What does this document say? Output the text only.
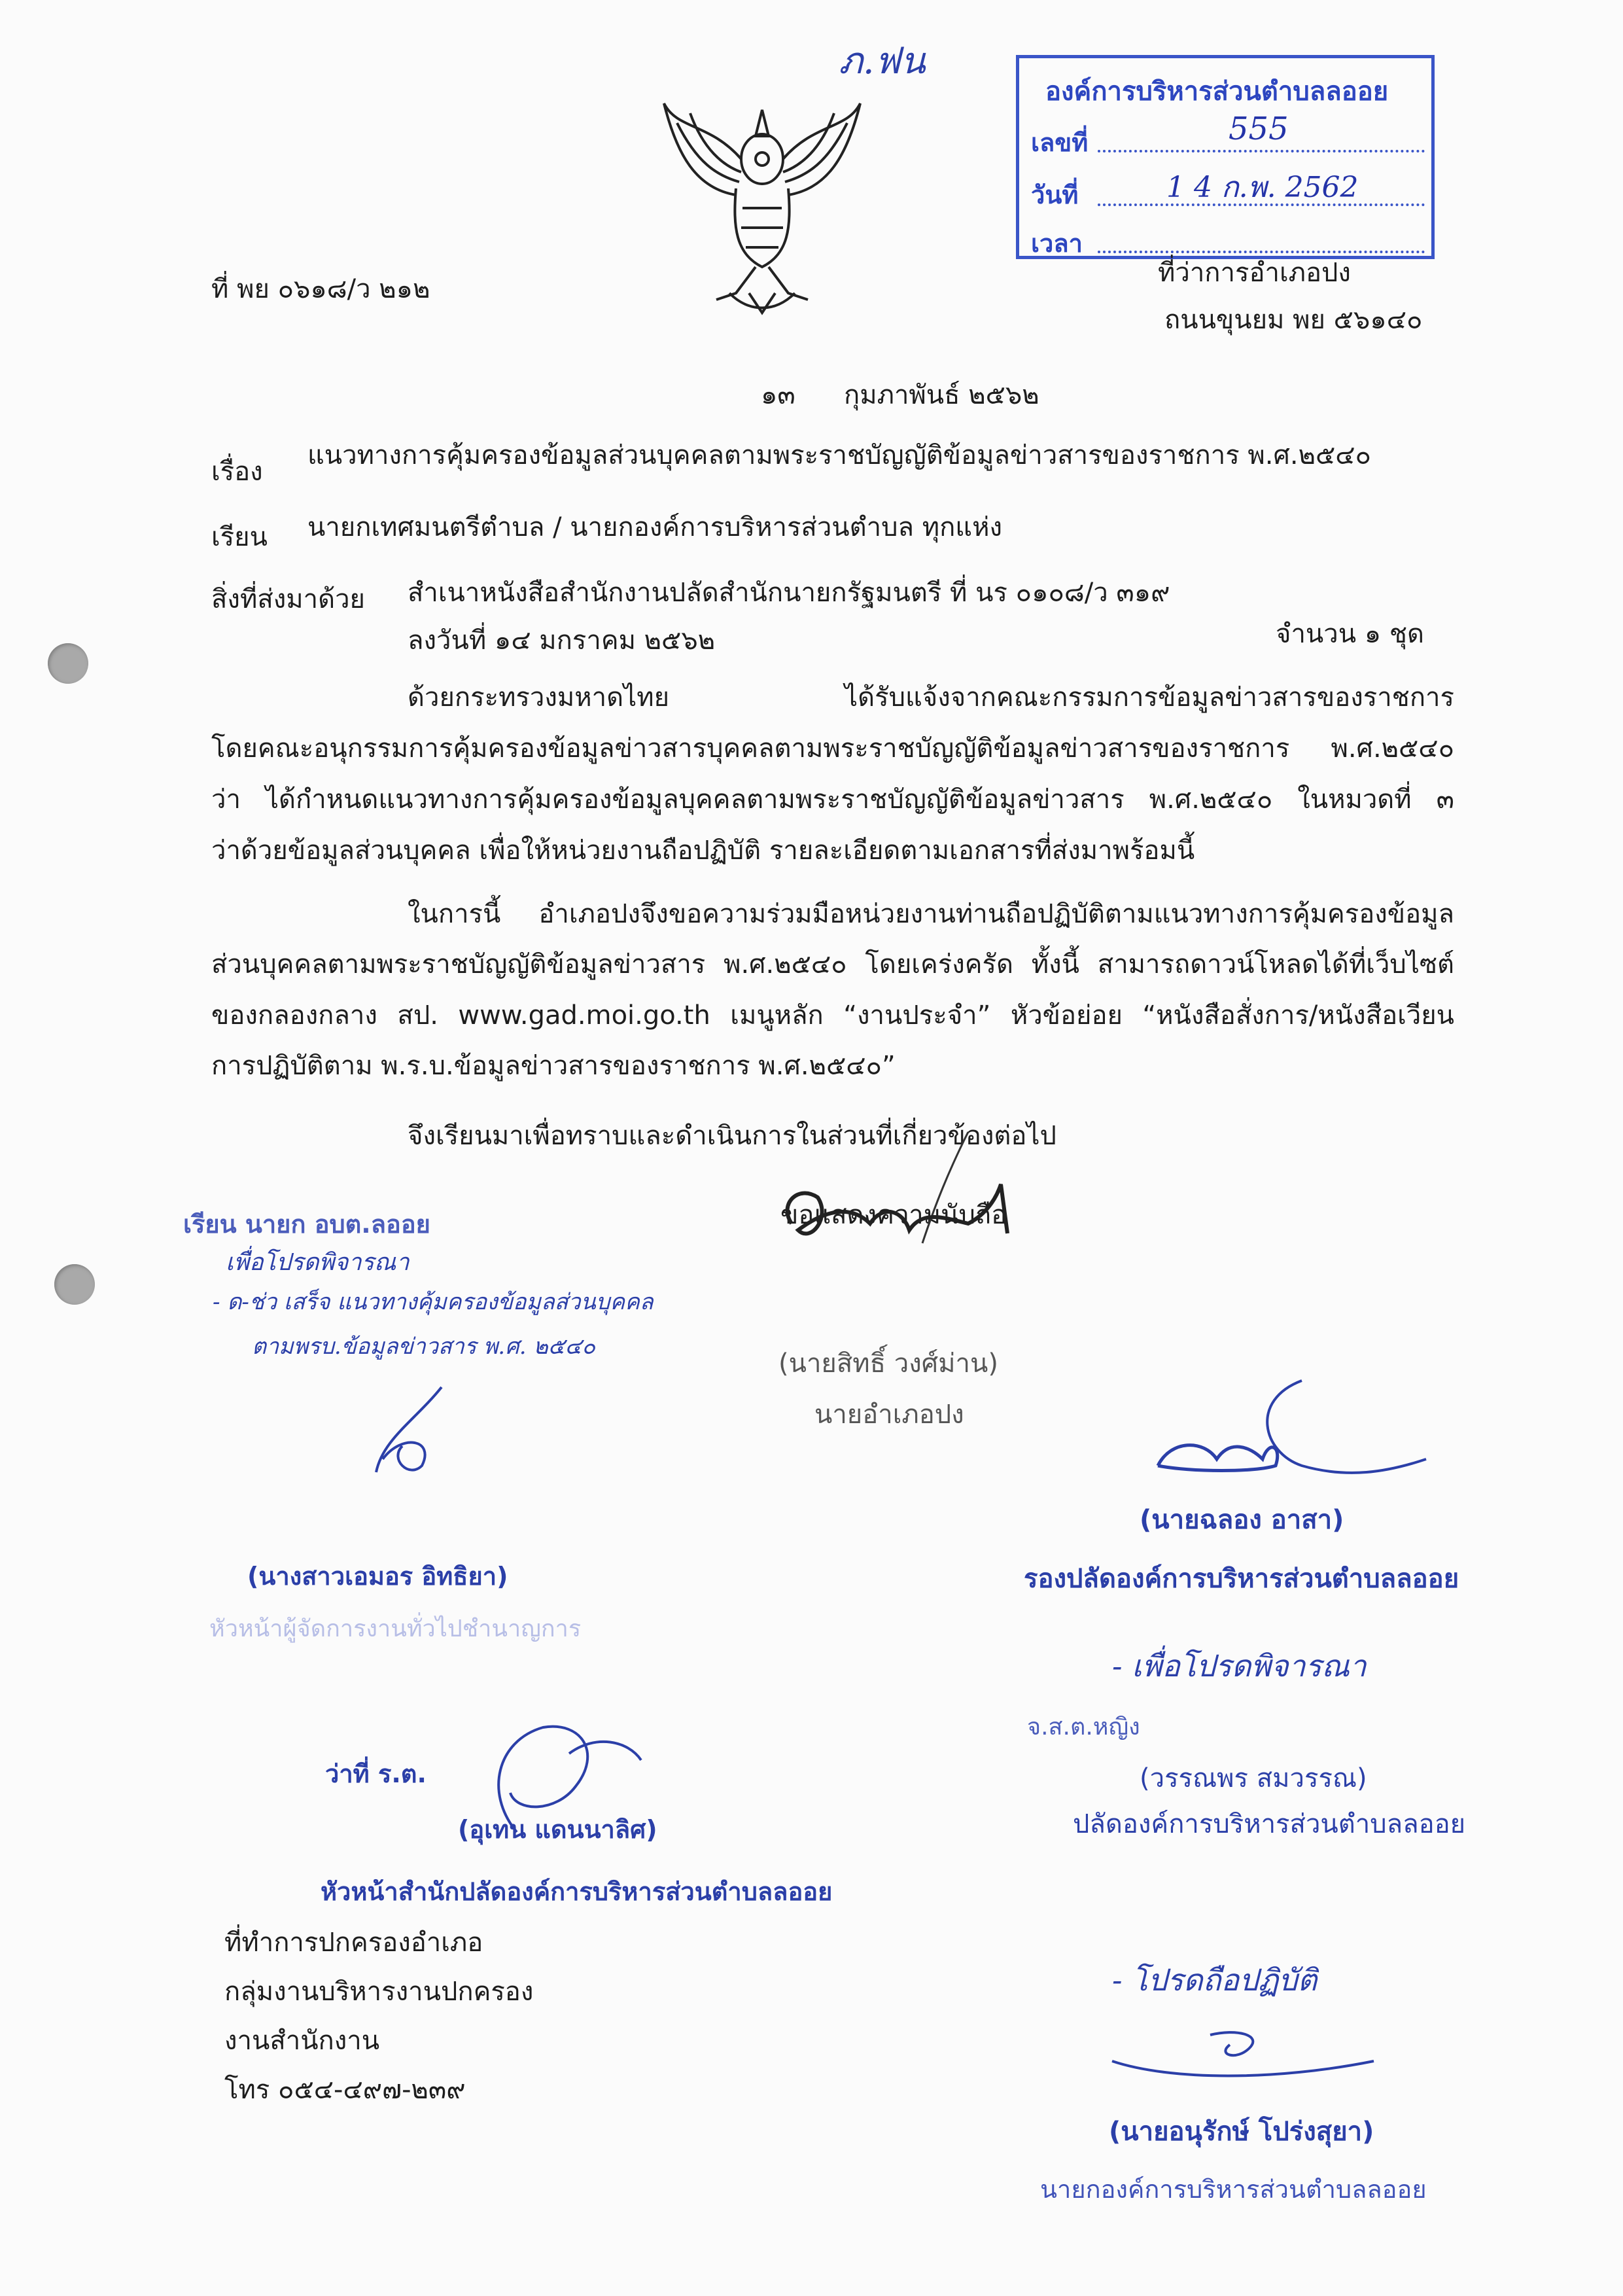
ภ.ฟน
องค์การบริหารส่วนตำบลลออย
เลขที่	555
วันที่	1 4 ก.พ. 2562
เวลา
ที่ พย ๐๖๑๘/ว ๒๑๒
ที่ว่าการอำเภอปง
ถนนขุนยม พย ๕๖๑๔๐
๑๓ กุมภาพันธ์ ๒๕๖๒
เรื่อง
แนวทางการคุ้มครองข้อมูลส่วนบุคคลตามพระราชบัญญัติข้อมูลข่าวสารของราชการ พ.ศ.๒๕๔๐
เรียน นายกเทศมนตรีตำบล / นายกองค์การบริหารส่วนตำบล ทุกแห่ง
สิ่งที่ส่งมาด้วย สำเนาหนังสือสำนักงานปลัดสำนักนายกรัฐมนตรี ที่ นร ๐๑๐๘/ว ๓๑๙
ลงวันที่ ๑๔ มกราคม ๒๕๖๒	จำนวน ๑ ชุด
ด้วยกระทรวงมหาดไทย ได้รับแจ้งจากคณะกรรมการข้อมูลข่าวสารของราชการ
โดยคณะอนุกรรมการคุ้มครองข้อมูลข่าวสารบุคคลตามพระราชบัญญัติข้อมูลข่าวสารของราชการ พ.ศ.๒๕๔๐
ว่า ได้กำหนดแนวทางการคุ้มครองข้อมูลบุคคลตามพระราชบัญญัติข้อมูลข่าวสาร พ.ศ.๒๕๔๐ ในหมวดที่ ๓
ว่าด้วยข้อมูลส่วนบุคคล เพื่อให้หน่วยงานถือปฏิบัติ รายละเอียดตามเอกสารที่ส่งมาพร้อมนี้
ในการนี้ อำเภอปงจึงขอความร่วมมือหน่วยงานท่านถือปฏิบัติตามแนวทางการคุ้มครองข้อมูล
ส่วนบุคคลตามพระราชบัญญัติข้อมูลข่าวสาร พ.ศ.๒๕๔๐ โดยเคร่งครัด ทั้งนี้ สามารถดาวน์โหลดได้ที่เว็บไซต์
ของกลองกลาง สป. www.gad.moi.go.th เมนูหลัก “งานประจำ” หัวข้อย่อย “หนังสือสั่งการ/หนังสือเวียน
การปฏิบัติตาม พ.ร.บ.ข้อมูลข่าวสารของราชการ พ.ศ.๒๕๔๐”
จึงเรียนมาเพื่อทราบและดำเนินการในส่วนที่เกี่ยวข้องต่อไป
ขอแสดงความนับถือ
(นายสิทธิ์ วงศ์ม่าน)
นายอำเภอปง
เรียน นายก อบต.ลออย
เพื่อโปรดพิจารณา
- ด-ช่ว เสร็จ แนวทางคุ้มครองข้อมูลส่วนบุคคล
ตามพรบ.ข้อมูลข่าวสาร พ.ศ. ๒๕๔๐
(นางสาวเอมอร อิทธิยา)
หัวหน้าผู้จัดการงานทั่วไปชำนาญการ
(นายฉลอง อาสา)
รองปลัดองค์การบริหารส่วนตำบลลออย
- เพื่อโปรดพิจารณา
จ.ส.ต.หญิง
(วรรณพร สมวรรณ)
ปลัดองค์การบริหารส่วนตำบลลออย
ว่าที่ ร.ต.
(อุเทน แดนนาลิศ)
หัวหน้าสำนักปลัดองค์การบริหารส่วนตำบลลออย
- โปรดถือปฏิบัติ
(นายอนุรักษ์ โปร่งสุยา)
นายกองค์การบริหารส่วนตำบลลออย
ที่ทำการปกครองอำเภอ
กลุ่มงานบริหารงานปกครอง
งานสำนักงาน
โทร ๐๕๔-๔๙๗-๒๓๙
